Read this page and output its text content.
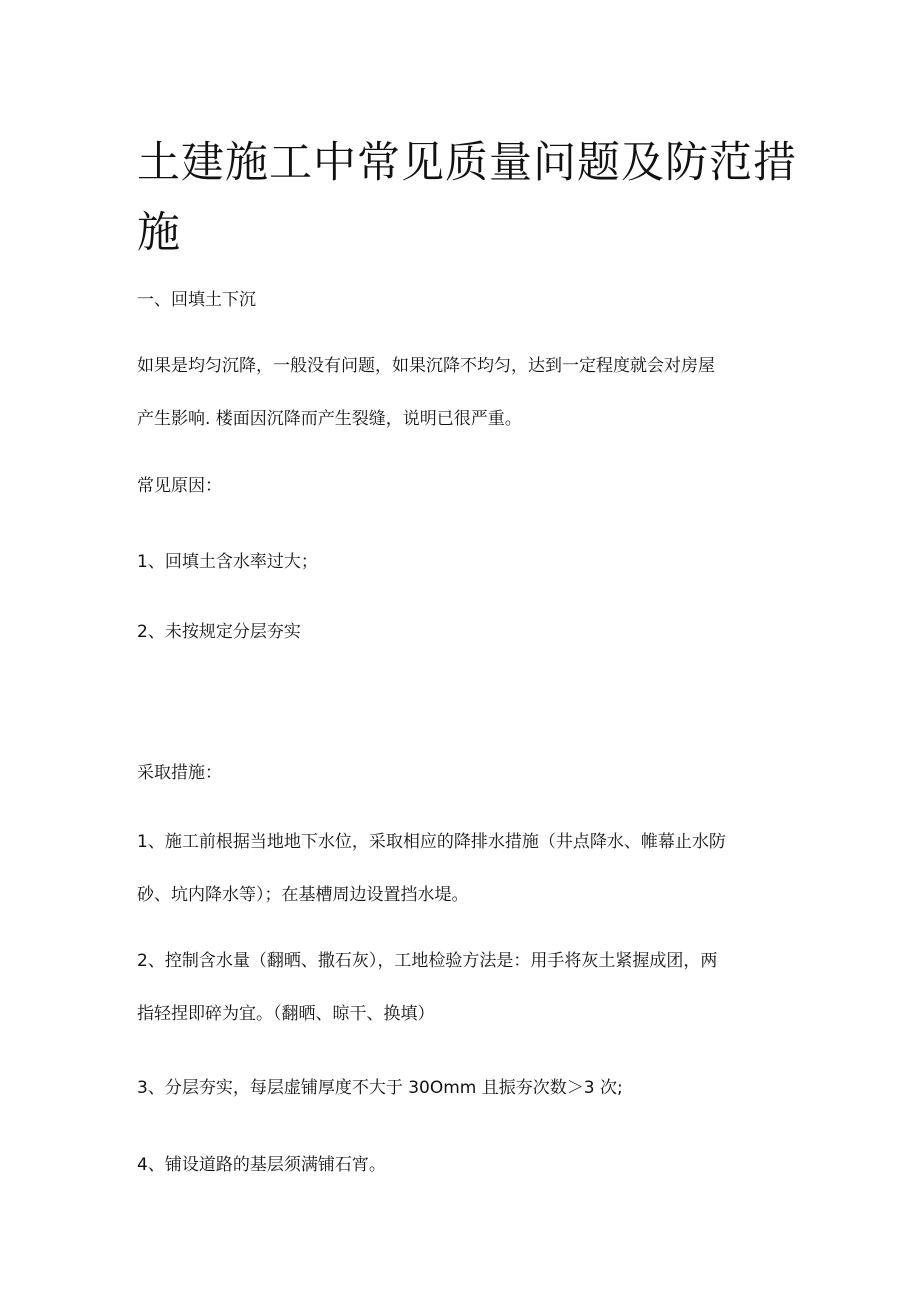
土建施工中常见质量问题及防范措
施

一、回填土下沉

如果是均匀沉降，一般没有问题，如果沉降不均匀，达到一定程度就会对房屋
产生影响. 楼面因沉降而产生裂缝，说明已很严重。

常见原因：

1、回填土含水率过大；

2、未按规定分层夯实

采取措施：

1、施工前根据当地地下水位，采取相应的降排水措施（井点降水、帷幕止水防
砂、坑内降水等）；在基槽周边设置挡水堤。

2、控制含水量（翻晒、撒石灰），工地检验方法是：用手将灰土紧握成团，两
指轻捏即碎为宜。（翻晒、晾干、换填）

3、分层夯实，每层虚铺厚度不大于 30Omm 且振夯次数＞3 次;

4、铺设道路的基层须满铺石宵。
